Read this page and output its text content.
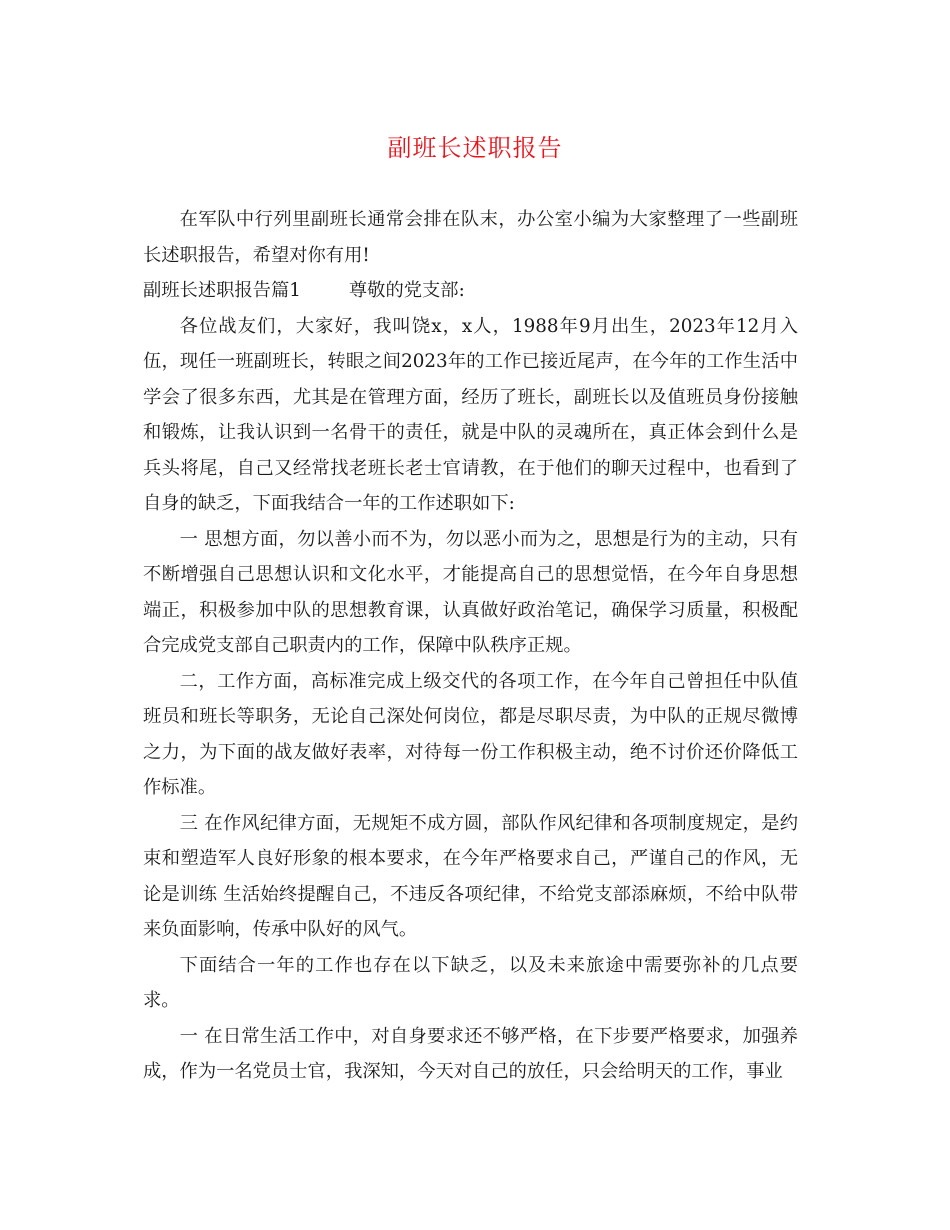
副班长述职报告

在军队中行列里副班长通常会排在队末，办公室小编为大家整理了一些副班长述职报告，希望对你有用!

副班长述职报告篇1	尊敬的党支部:

各位战友们，大家好，我叫饶x，x人，1988年9月出生，2023年12月入伍，现任一班副班长，转眼之间2023年的工作已接近尾声，在今年的工作生活中学会了很多东西，尤其是在管理方面，经历了班长，副班长以及值班员身份接触和锻炼，让我认识到一名骨干的责任，就是中队的灵魂所在，真正体会到什么是兵头将尾，自己又经常找老班长老士官请教，在于他们的聊天过程中，也看到了自身的缺乏，下面我结合一年的工作述职如下:

一 思想方面，勿以善小而不为，勿以恶小而为之，思想是行为的主动，只有不断增强自己思想认识和文化水平，才能提高自己的思想觉悟，在今年自身思想端正，积极参加中队的思想教育课，认真做好政治笔记，确保学习质量，积极配合完成党支部自己职责内的工作，保障中队秩序正规。

二，工作方面，高标准完成上级交代的各项工作，在今年自己曾担任中队值班员和班长等职务，无论自己深处何岗位，都是尽职尽责，为中队的正规尽微博之力，为下面的战友做好表率，对待每一份工作积极主动，绝不讨价还价降低工作标准。

三 在作风纪律方面，无规矩不成方圆，部队作风纪律和各项制度规定，是约束和塑造军人良好形象的根本要求，在今年严格要求自己，严谨自己的作风，无论是训练 生活始终提醒自己，不违反各项纪律，不给党支部添麻烦，不给中队带来负面影响，传承中队好的风气。

下面结合一年的工作也存在以下缺乏，以及未来旅途中需要弥补的几点要求。

一 在日常生活工作中，对自身要求还不够严格，在下步要严格要求，加强养成，作为一名党员士官，我深知，今天对自己的放任，只会给明天的工作，事业
